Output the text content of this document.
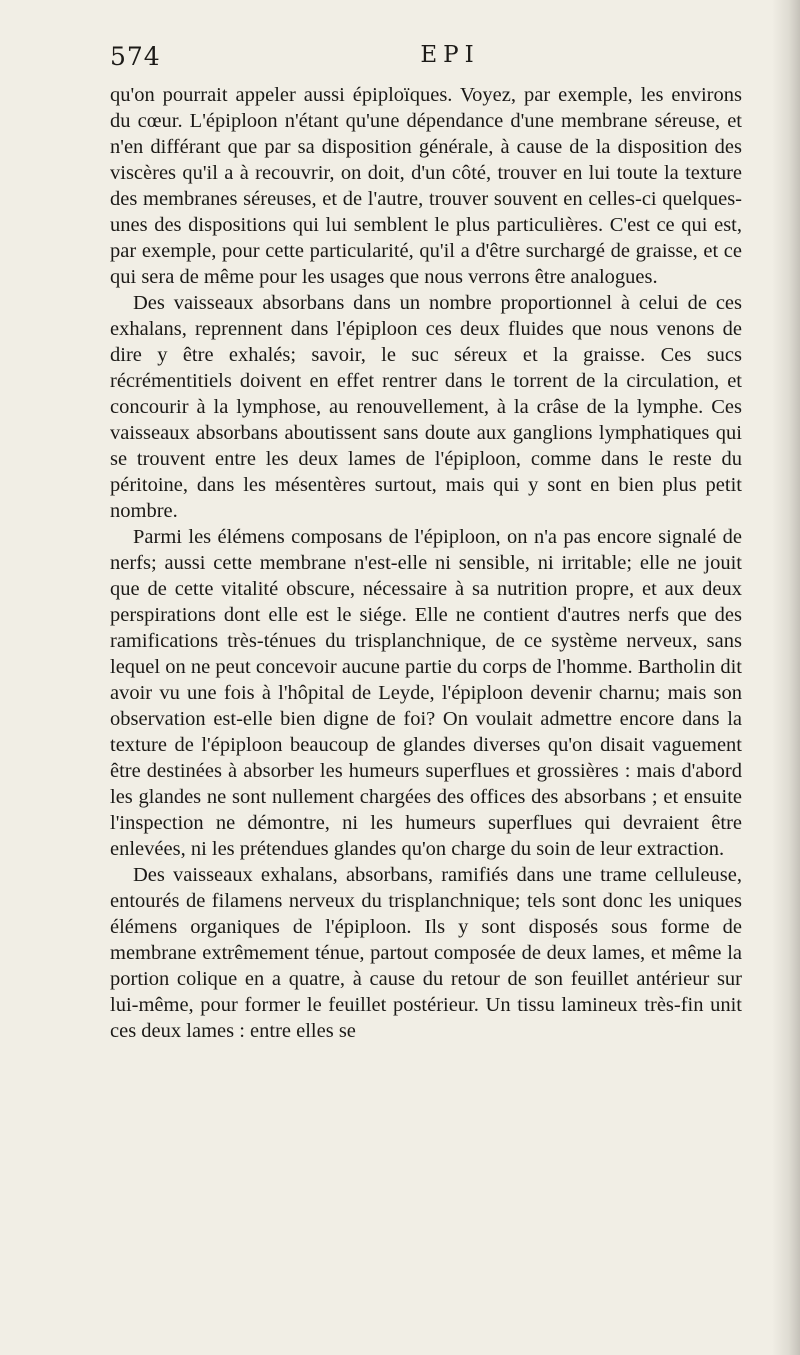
574	EPI

qu'on pourrait appeler aussi épiploïques. Voyez, par exemple, les environs du cœur. L'épiploon n'étant qu'une dépendance d'une membrane séreuse, et n'en différant que par sa disposition générale, à cause de la disposition des viscères qu'il a à recouvrir, on doit, d'un côté, trouver en lui toute la texture des membranes séreuses, et de l'autre, trouver souvent en celles-ci quelques-unes des dispositions qui lui semblent le plus particulières. C'est ce qui est, par exemple, pour cette particularité, qu'il a d'être surchargé de graisse, et ce qui sera de même pour les usages que nous verrons être analogues.

Des vaisseaux absorbans dans un nombre proportionnel à celui de ces exhalans, reprennent dans l'épiploon ces deux fluides que nous venons de dire y être exhalés; savoir, le suc séreux et la graisse. Ces sucs récrémentitiels doivent en effet rentrer dans le torrent de la circulation, et concourir à la lymphose, au renouvellement, à la crâse de la lymphe. Ces vaisseaux absorbans aboutissent sans doute aux ganglions lymphatiques qui se trouvent entre les deux lames de l'épiploon, comme dans le reste du péritoine, dans les mésentères surtout, mais qui y sont en bien plus petit nombre.

Parmi les élémens composans de l'épiploon, on n'a pas encore signalé de nerfs; aussi cette membrane n'est-elle ni sensible, ni irritable; elle ne jouit que de cette vitalité obscure, nécessaire à sa nutrition propre, et aux deux perspirations dont elle est le siége. Elle ne contient d'autres nerfs que des ramifications très-ténues du trisplanchnique, de ce système nerveux, sans lequel on ne peut concevoir aucune partie du corps de l'homme. Bartholin dit avoir vu une fois à l'hôpital de Leyde, l'épiploon devenir charnu; mais son observation est-elle bien digne de foi? On voulait admettre encore dans la texture de l'épiploon beaucoup de glandes diverses qu'on disait vaguement être destinées à absorber les humeurs superflues et grossières : mais d'abord les glandes ne sont nullement chargées des offices des absorbans ; et ensuite l'inspection ne démontre, ni les humeurs superflues qui devraient être enlevées, ni les prétendues glandes qu'on charge du soin de leur extraction.

Des vaisseaux exhalans, absorbans, ramifiés dans une trame celluleuse, entourés de filamens nerveux du trisplanchnique; tels sont donc les uniques élémens organiques de l'épiploon. Ils y sont disposés sous forme de membrane extrêmement ténue, partout composée de deux lames, et même la portion colique en a quatre, à cause du retour de son feuillet antérieur sur lui-même, pour former le feuillet postérieur. Un tissu lamineux très-fin unit ces deux lames : entre elles se
